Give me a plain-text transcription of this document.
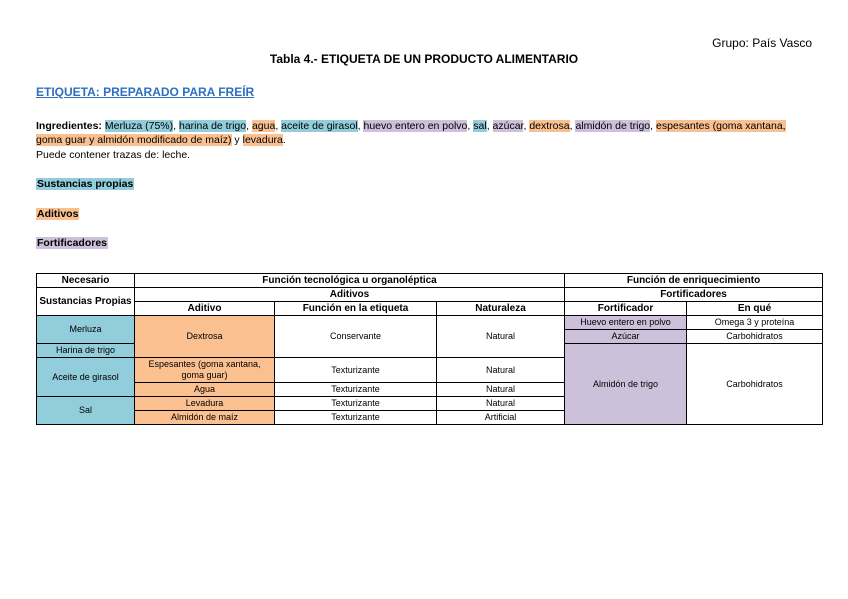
Grupo: País Vasco
Tabla 4.- ETIQUETA DE UN PRODUCTO ALIMENTARIO
ETIQUETA: PREPARADO PARA FREÍR
Ingredientes: Merluza (75%), harina de trigo, agua, aceite de girasol, huevo entero en polvo, sal, azúcar, dextrosa, almidón de trigo, espesantes (goma xantana, goma guar y almidón modificado de maíz) y levadura.
Puede contener trazas de: leche.
Sustancias propias
Aditivos
Fortificadores
Necesario	Función tecnológica u organoléptica			Función de enriquecimiento	
Sustancias Propias	Aditivos			Fortificadores	
	Aditivo	Función en la etiqueta	Naturaleza	Fortificador	En qué
Merluza	Dextrosa	Conservante	Natural	Huevo entero en polvo	Omega 3 y proteína
				Azúcar	Carbohidratos
Harina de trigo				Almidón de trigo	Carbohidratos
Aceite de girasol	Espesantes (goma xantana, goma guar)	Texturizante	Natural		
	Agua	Texturizante	Natural		
Sal	Levadura	Texturizante	Natural		
	Almidón de maíz	Texturizante	Artificial		
